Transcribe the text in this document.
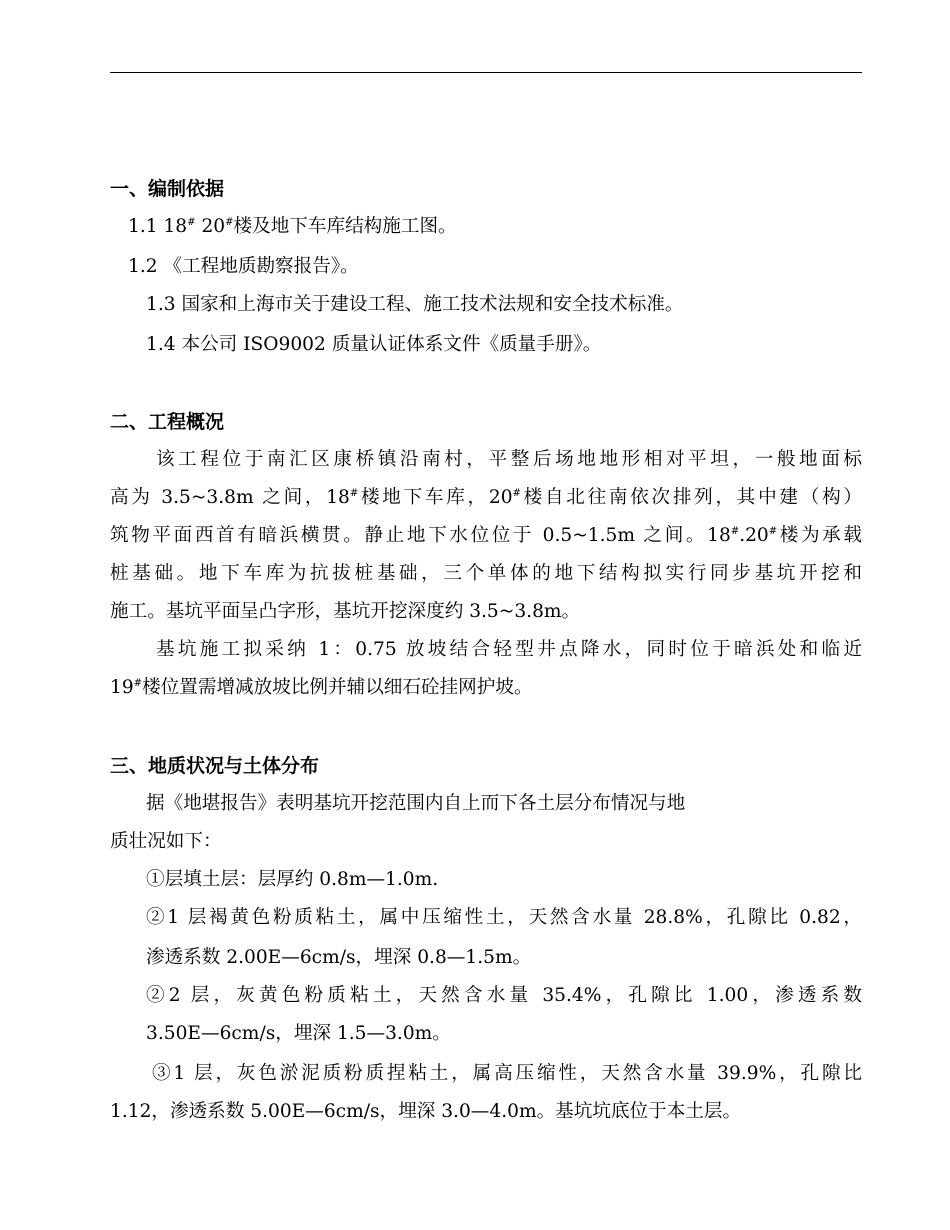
一、编制依据
1.1 18# 20#楼及地下车库结构施工图。
1.2 《工程地质勘察报告》。
1.3 国家和上海市关于建设工程、施工技术法规和安全技术标准。
1.4 本公司 ISO9002 质量认证体系文件《质量手册》。
二、工程概况
该工程位于南汇区康桥镇沿南村，平整后场地地形相对平坦，一般地面标
高为 3.5~3.8m 之间，18#楼地下车库，20#楼自北往南依次排列，其中建（构）
筑物平面西首有暗浜横贯。静止地下水位位于 0.5~1.5m 之间。18#.20#楼为承载
桩基础。地下车库为抗拔桩基础，三个单体的地下结构拟实行同步基坑开挖和
施工。基坑平面呈凸字形，基坑开挖深度约 3.5~3.8m。
基坑施工拟采纳 1：0.75 放坡结合轻型井点降水，同时位于暗浜处和临近
19#楼位置需增减放坡比例并辅以细石砼挂网护坡。
三、地质状况与土体分布
据《地堪报告》表明基坑开挖范围内自上而下各土层分布情况与地
质壮况如下：
①层填土层：层厚约 0.8m—1.0m.
②1 层褐黄色粉质粘土，属中压缩性土，天然含水量 28.8%，孔隙比 0.82，
渗透系数 2.00E—6cm/s，埋深 0.8—1.5m。
②2 层，灰黄色粉质粘土，天然含水量 35.4%，孔隙比 1.00，渗透系数
3.50E—6cm/s，埋深 1.5—3.0m。
③1 层，灰色淤泥质粉质捏粘土，属高压缩性，天然含水量 39.9%，孔隙比
1.12，渗透系数 5.00E—6cm/s，埋深 3.0—4.0m。基坑坑底位于本土层。
